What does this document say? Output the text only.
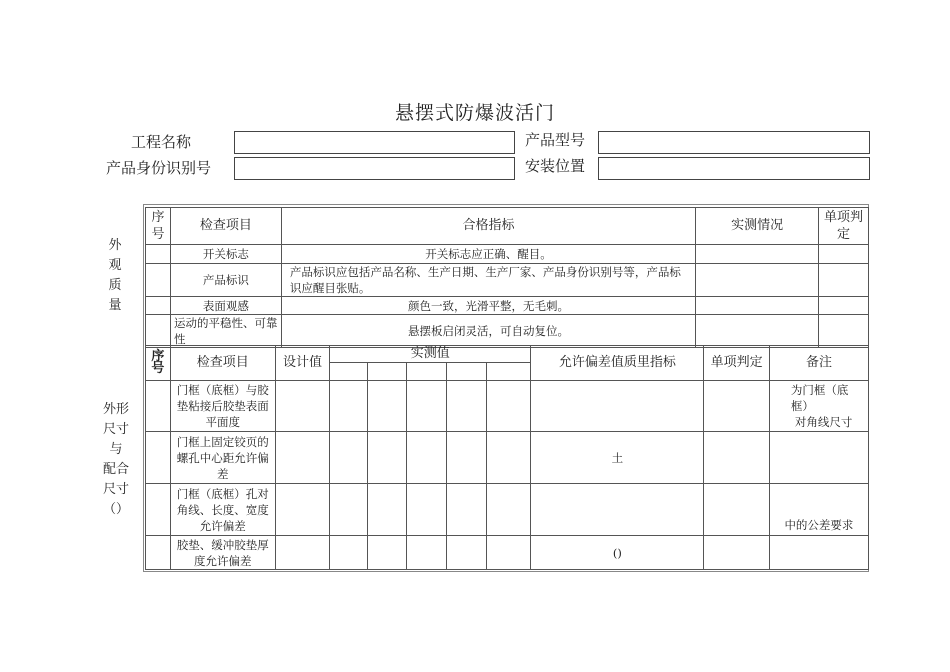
悬摆式防爆波活门
工程名称	产品型号
产品身份识别号	安装位置
外
观
质
量
外形
尺寸
与
配合
尺寸
（）
序
号	检查项目	合格指标	实测情况	单项判
定
	开关标志	开关标志应正确、醒目。		
	产品标识	产品标识应包括产品名称、生产日期、生产厂家、产品身份识别号等，产品标识应醒目张贴。		
	表面观感	颜色一致，光滑平整，无毛刺。		
	运动的平稳性、可靠性	悬摆板启闭灵活，可自动复位。		
序
号	检查项目	设计值	实测值					允许偏差值质里指标	单项判定	备注

	门框（底框）与胶垫粘接后胶垫表面平面度									为门框（底框）
对角线尺寸

	门框上固定铰页的螺孔中心距允许偏差							土		
	门框（底框）孔对角线、长度、宽度允许偏差									中的公差要求
	胶垫、缓冲胶垫厚度允许偏差							()		
